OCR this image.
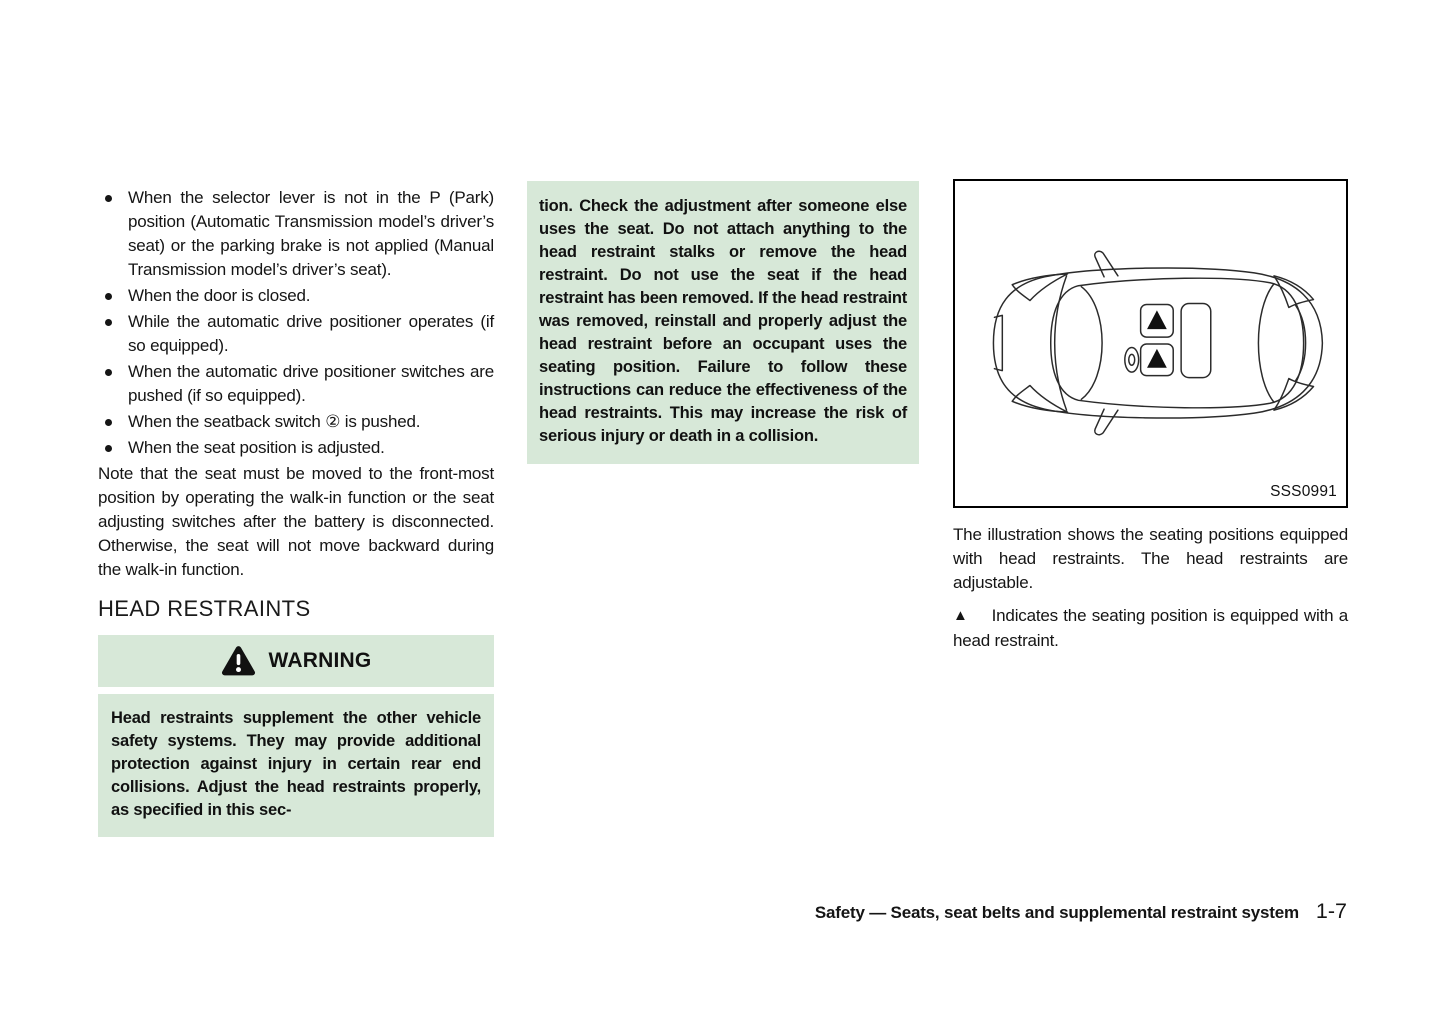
When the selector lever is not in the P (Park) position (Automatic Transmission model’s driver’s seat) or the parking brake is not applied (Manual Transmission model’s driver’s seat).
When the door is closed.
While the automatic drive positioner operates (if so equipped).
When the automatic drive positioner switches are pushed (if so equipped).
When the seatback switch ② is pushed.
When the seat position is adjusted.

Note that the seat must be moved to the front-most position by operating the walk-in function or the seat adjusting switches after the battery is disconnected. Otherwise, the seat will not move backward during the walk-in function.

HEAD RESTRAINTS
WARNING
Head restraints supplement the other vehicle safety systems. They may provide additional protection against injury in certain rear end collisions. Adjust the head restraints properly, as specified in this sec-
tion. Check the adjustment after someone else uses the seat. Do not attach anything to the head restraint stalks or remove the head restraint. Do not use the seat if the head restraint has been removed. If the head restraint was removed, reinstall and properly adjust the head restraint before an occupant uses the seating position. Failure to follow these instructions can reduce the effectiveness of the head restraints. This may increase the risk of serious injury or death in a collision.
SSS0991

The illustration shows the seating positions equipped with head restraints. The head restraints are adjustable.

▲ Indicates the seating position is equipped with a head restraint.

Safety — Seats, seat belts and supplemental restraint system 1-7
